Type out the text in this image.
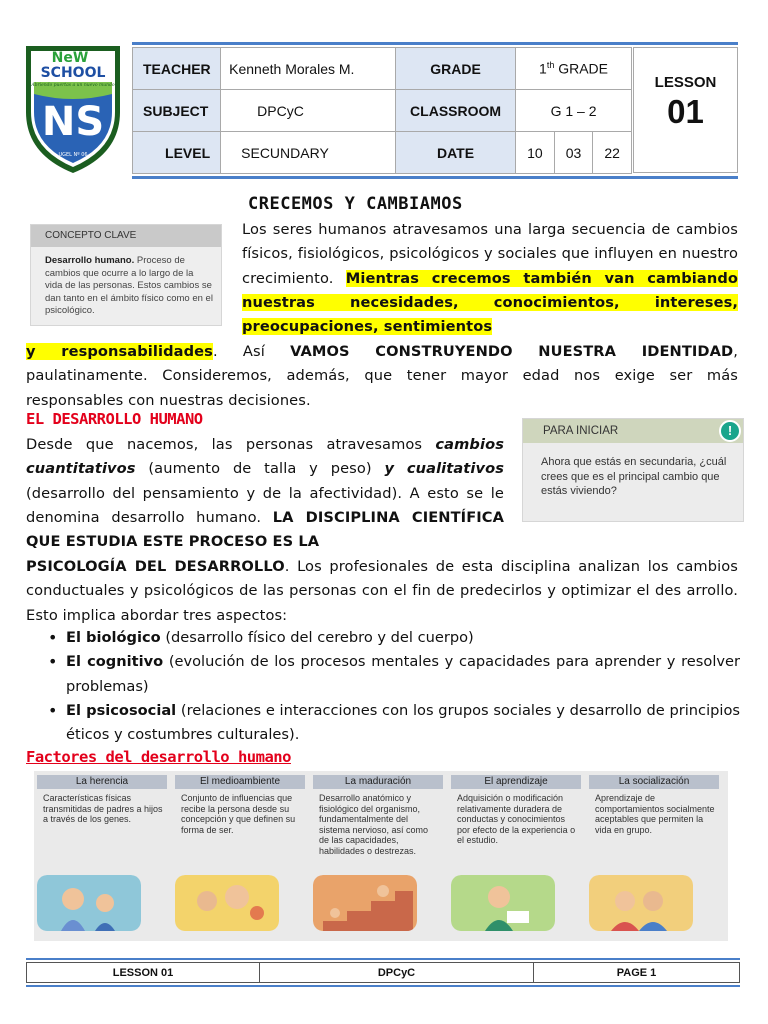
NeW
SCHOOL
Abriendo puertas a un nuevo mundo
NS
UGEL Nº 06
TEACHER	Kenneth Morales M.	GRADE	1th GRADE		
SUBJECT	DPCyC	CLASSROOM	G 1 – 2		
LEVEL	SECUNDARY	DATE	10	03	22
LESSON
01
CRECEMOS Y CAMBIAMOS
CONCEPTO CLAVE
Desarrollo humano. Proceso de cambios que ocurre a lo largo de la vida de las personas. Estos cambios se dan tanto en el ámbito físico como en el psicológico.
Los seres humanos atravesamos una larga secuencia de cambios físicos, fisiológicos, psicológicos y sociales que influyen en nuestro crecimiento. Mientras crecemos también van cambiando nuestras necesidades, conocimientos, intereses, preocupaciones, sentimientos
y responsabilidades. Así VAMOS CONSTRUYENDO NUESTRA IDENTIDAD, paulatinamente. Consideremos, además, que tener mayor edad nos exige ser más responsables con nuestras decisiones.
EL DESARROLLO HUMANO
Desde que nacemos, las personas atravesamos cambios cuantitativos (aumento de talla y peso) y cualitativos (desarrollo del pensamiento y de la afectividad). A esto se le denomina desarrollo humano. LA DISCIPLINA CIENTÍFICA QUE ESTUDIA ESTE PROCESO ES LA
PSICOLOGÍA DEL DESARROLLO. Los profesionales de esta disciplina analizan los cambios conductuales y psicológicos de las personas con el fin de predecirlos y optimizar el des arrollo. Esto implica abordar tres aspectos:
PARA INICIAR	!
Ahora que estás en secundaria, ¿cuál crees que es el principal cambio que estás viviendo?
• El biológico (desarrollo físico del cerebro y del cuerpo)
• El cognitivo (evolución de los procesos mentales y capacidades para aprender y resolver problemas)
• El psicosocial (relaciones e interacciones con los grupos sociales y desarrollo de principios éticos y costumbres culturales).
Factores del desarrollo humano
La herencia
Características físicas transmitidas de padres a hijos a través de los genes.
El medioambiente
Conjunto de influencias que recibe la persona desde su concepción y que definen su forma de ser.
La maduración
Desarrollo anatómico y fisiológico del organismo, fundamentalmente del sistema nervioso, así como de las capacidades, habilidades o destrezas.
El aprendizaje
Adquisición o modificación relativamente duradera de conductas y conocimientos por efecto de la experiencia o el estudio.
La socialización
Aprendizaje de comportamientos socialmente aceptables que permiten la vida en grupo.
LESSON 01	DPCyC	PAGE 1
